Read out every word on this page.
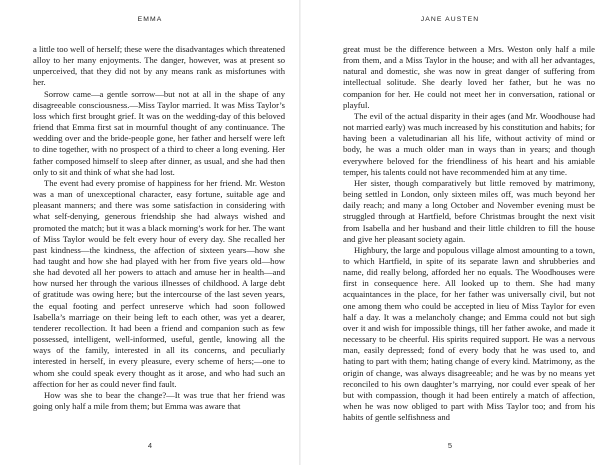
EMMA

a little too well of herself; these were the disadvantages which threatened alloy to her many enjoyments. The danger, however, was at present so unperceived, that they did not by any means rank as misfortunes with her.

Sorrow came—a gentle sorrow—but not at all in the shape of any disagreeable consciousness.—Miss Taylor married. It was Miss Taylor’s loss which first brought grief. It was on the wedding-day of this beloved friend that Emma first sat in mournful thought of any continuance. The wedding over and the bride-people gone, her father and herself were left to dine together, with no prospect of a third to cheer a long evening. Her father composed himself to sleep after dinner, as usual, and she had then only to sit and think of what she had lost.

The event had every promise of happiness for her friend. Mr. Weston was a man of unexceptional character, easy fortune, suitable age and pleasant manners; and there was some satisfaction in considering with what self-denying, generous friendship she had always wished and promoted the match; but it was a black morning’s work for her. The want of Miss Taylor would be felt every hour of every day. She recalled her past kindness—the kindness, the affection of sixteen years—how she had taught and how she had played with her from five years old—how she had devoted all her powers to attach and amuse her in health—and how nursed her through the various illnesses of childhood. A large debt of gratitude was owing here; but the intercourse of the last seven years, the equal footing and perfect unreserve which had soon followed Isabella’s marriage on their being left to each other, was yet a dearer, tenderer recollection. It had been a friend and companion such as few possessed, intelligent, well-informed, useful, gentle, knowing all the ways of the family, interested in all its concerns, and peculiarly interested in herself, in every pleasure, every scheme of hers;—one to whom she could speak every thought as it arose, and who had such an affection for her as could never find fault.

How was she to bear the change?—It was true that her friend was going only half a mile from them; but Emma was aware that

4
JANE AUSTEN

great must be the difference between a Mrs. Weston only half a mile from them, and a Miss Taylor in the house; and with all her advantages, natural and domestic, she was now in great danger of suffering from intellectual solitude. She dearly loved her father, but he was no companion for her. He could not meet her in conversation, rational or playful.

The evil of the actual disparity in their ages (and Mr. Woodhouse had not married early) was much increased by his constitution and habits; for having been a valetudinarian all his life, without activity of mind or body, he was a much older man in ways than in years; and though everywhere beloved for the friendliness of his heart and his amiable temper, his talents could not have recommended him at any time.

Her sister, though comparatively but little removed by matrimony, being settled in London, only sixteen miles off, was much beyond her daily reach; and many a long October and November evening must be struggled through at Hartfield, before Christmas brought the next visit from Isabella and her husband and their little children to fill the house and give her pleasant society again.

Highbury, the large and populous village almost amounting to a town, to which Hartfield, in spite of its separate lawn and shrubberies and name, did really belong, afforded her no equals. The Woodhouses were first in consequence here. All looked up to them. She had many acquaintances in the place, for her father was universally civil, but not one among them who could be accepted in lieu of Miss Taylor for even half a day. It was a melancholy change; and Emma could not but sigh over it and wish for impossible things, till her father awoke, and made it necessary to be cheerful. His spirits required support. He was a nervous man, easily depressed; fond of every body that he was used to, and hating to part with them; hating change of every kind. Matrimony, as the origin of change, was always disagreeable; and he was by no means yet reconciled to his own daughter’s marrying, nor could ever speak of her but with compassion, though it had been entirely a match of affection, when he was now obliged to part with Miss Taylor too; and from his habits of gentle selfishness and

5
